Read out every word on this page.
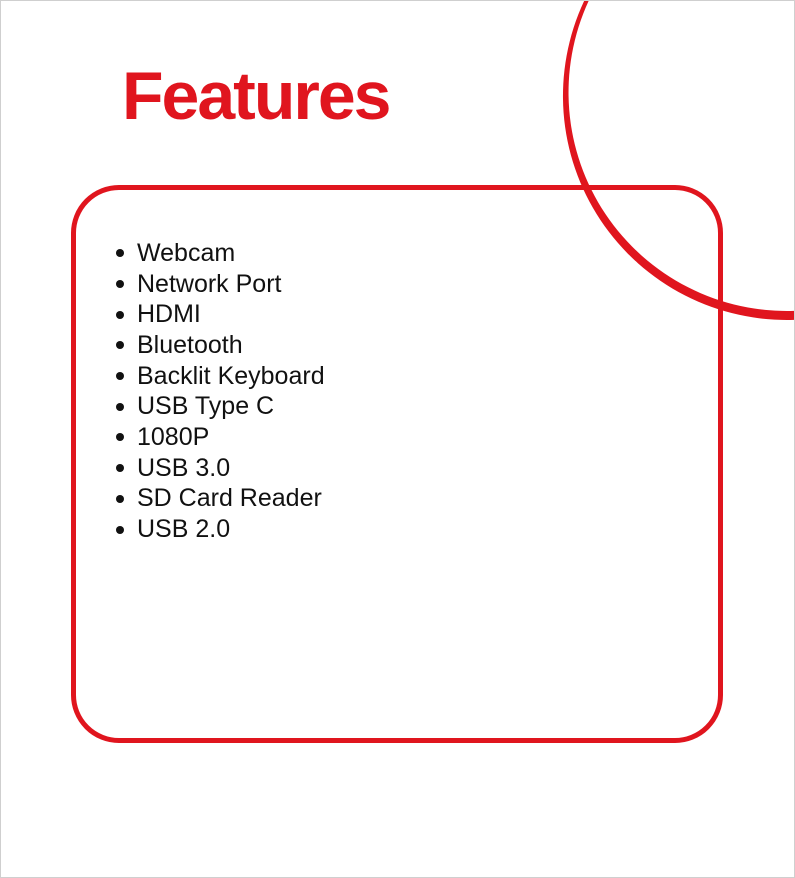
Features
Webcam
Network Port
HDMI
Bluetooth
Backlit Keyboard
USB Type C
1080P
USB 3.0
SD Card Reader
USB 2.0
